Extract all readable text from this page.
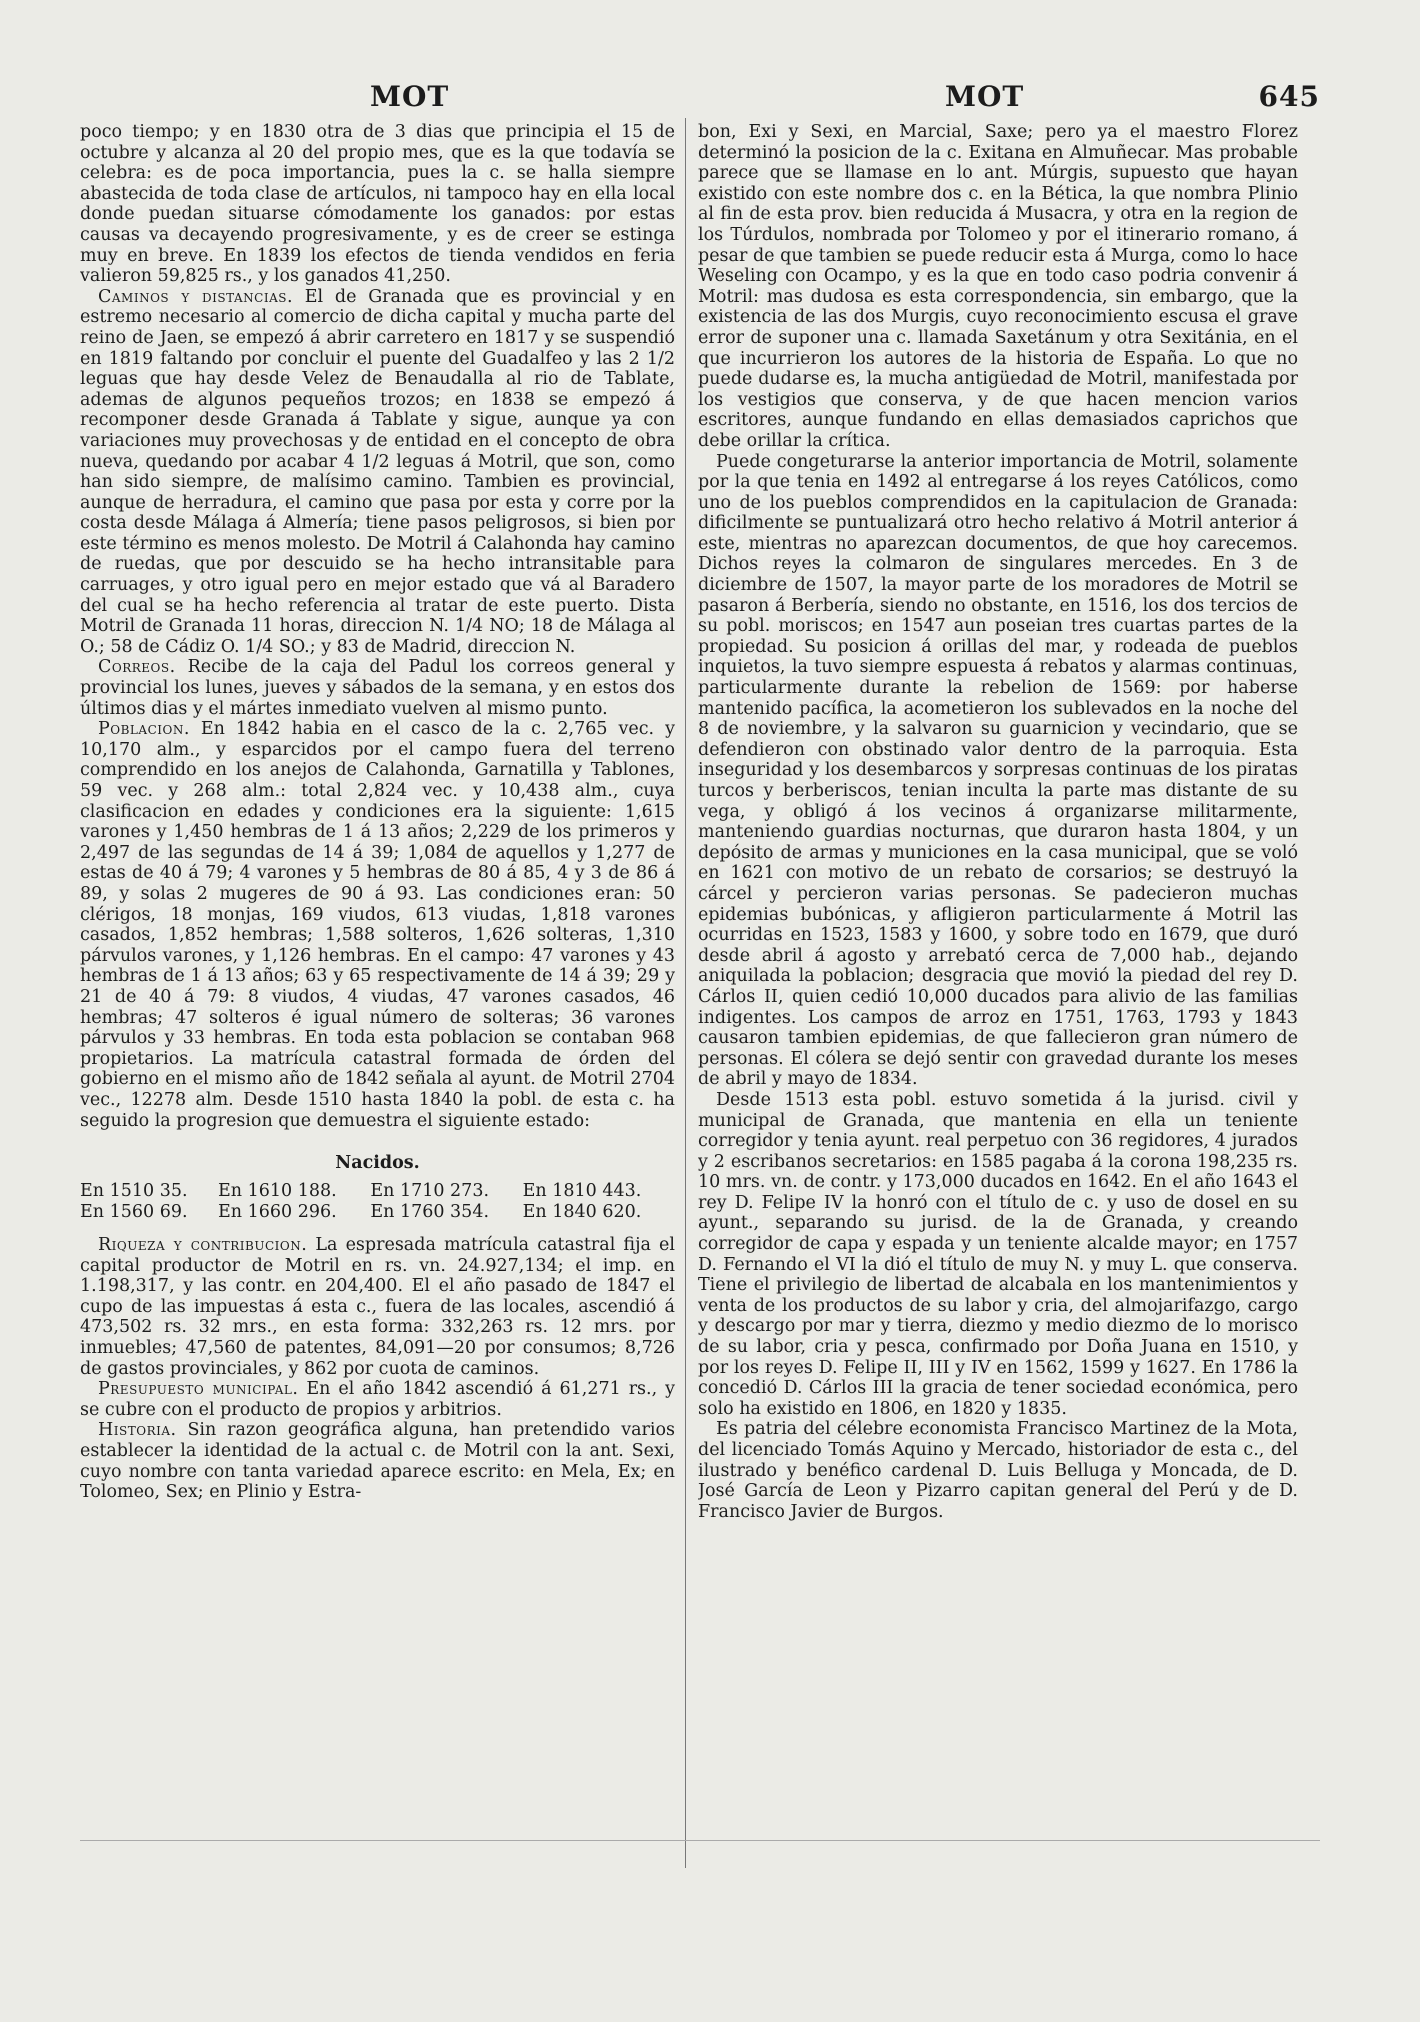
MOT	MOT	645

poco tiempo; y en 1830 otra de 3 dias que principia el 15 de octubre y alcanza al 20 del propio mes, que es la que todavía se celebra: es de poca importancia, pues la c. se halla siempre abastecida de toda clase de artículos, ni tampoco hay en ella local donde puedan situarse cómodamente los ganados: por estas causas va decayendo progresivamente, y es de creer se estinga muy en breve. En 1839 los efectos de tienda vendidos en feria valieron 59,825 rs., y los ganados 41,250.

Caminos y distancias. El de Granada que es provincial y en estremo necesario al comercio de dicha capital y mucha parte del reino de Jaen, se empezó á abrir carretero en 1817 y se suspendió en 1819 faltando por concluir el puente del Guadalfeo y las 2 1/2 leguas que hay desde Velez de Benaudalla al rio de Tablate, ademas de algunos pequeños trozos; en 1838 se empezó á recomponer desde Granada á Tablate y sigue, aunque ya con variaciones muy provechosas y de entidad en el concepto de obra nueva, quedando por acabar 4 1/2 leguas á Motril, que son, como han sido siempre, de malísimo camino. Tambien es provincial, aunque de herradura, el camino que pasa por esta y corre por la costa desde Málaga á Almería; tiene pasos peligrosos, si bien por este término es menos molesto. De Motril á Calahonda hay camino de ruedas, que por descuido se ha hecho intransitable para carruages, y otro igual pero en mejor estado que vá al Baradero del cual se ha hecho referencia al tratar de este puerto. Dista Motril de Granada 11 horas, direccion N. 1/4 NO; 18 de Málaga al O.; 58 de Cádiz O. 1/4 SO.; y 83 de Madrid, direccion N.

Correos. Recibe de la caja del Padul los correos general y provincial los lunes, jueves y sábados de la semana, y en estos dos últimos dias y el mártes inmediato vuelven al mismo punto.

Poblacion. En 1842 habia en el casco de la c. 2,765 vec. y 10,170 alm., y esparcidos por el campo fuera del terreno comprendido en los anejos de Calahonda, Garnatilla y Tablones, 59 vec. y 268 alm.: total 2,824 vec. y 10,438 alm., cuya clasificacion en edades y condiciones era la siguiente: 1,615 varones y 1,450 hembras de 1 á 13 años; 2,229 de los primeros y 2,497 de las segundas de 14 á 39; 1,084 de aquellos y 1,277 de estas de 40 á 79; 4 varones y 5 hembras de 80 á 85, 4 y 3 de 86 á 89, y solas 2 mugeres de 90 á 93. Las condiciones eran: 50 clérigos, 18 monjas, 169 viudos, 613 viudas, 1,818 varones casados, 1,852 hembras; 1,588 solteros, 1,626 solteras, 1,310 párvulos varones, y 1,126 hembras. En el campo: 47 varones y 43 hembras de 1 á 13 años; 63 y 65 respectivamente de 14 á 39; 29 y 21 de 40 á 79: 8 viudos, 4 viudas, 47 varones casados, 46 hembras; 47 solteros é igual número de solteras; 36 varones párvulos y 33 hembras. En toda esta poblacion se contaban 968 propietarios. La matrícula catastral formada de órden del gobierno en el mismo año de 1842 señala al ayunt. de Motril 2704 vec., 12278 alm. Desde 1510 hasta 1840 la pobl. de esta c. ha seguido la progresion que demuestra el siguiente estado:

Nacidos.
En 1510 35.	En 1610 188.	En 1710 273.	En 1810 443.
En 1560 69.	En 1660 296.	En 1760 354.	En 1840 620.

Riqueza y contribucion. La espresada matrícula catastral fija el capital productor de Motril en rs. vn. 24.927,134; el imp. en 1.198,317, y las contr. en 204,400. El el año pasado de 1847 el cupo de las impuestas á esta c., fuera de las locales, ascendió á 473,502 rs. 32 mrs., en esta forma: 332,263 rs. 12 mrs. por inmuebles; 47,560 de patentes, 84,091—20 por consumos; 8,726 de gastos provinciales, y 862 por cuota de caminos.

Presupuesto municipal. En el año 1842 ascendió á 61,271 rs., y se cubre con el producto de propios y arbitrios.

Historia. Sin razon geográfica alguna, han pretendido varios establecer la identidad de la actual c. de Motril con la ant. Sexi, cuyo nombre con tanta variedad aparece escrito: en Mela, Ex; en Tolomeo, Sex; en Plinio y Estra-

bon, Exi y Sexi, en Marcial, Saxe; pero ya el maestro Florez determinó la posicion de la c. Exitana en Almuñecar. Mas probable parece que se llamase en lo ant. Múrgis, supuesto que hayan existido con este nombre dos c. en la Bética, la que nombra Plinio al fin de esta prov. bien reducida á Musacra, y otra en la region de los Túrdulos, nombrada por Tolomeo y por el itinerario romano, á pesar de que tambien se puede reducir esta á Murga, como lo hace Weseling con Ocampo, y es la que en todo caso podria convenir á Motril: mas dudosa es esta correspondencia, sin embargo, que la existencia de las dos Murgis, cuyo reconocimiento escusa el grave error de suponer una c. llamada Saxetánum y otra Sexitánia, en el que incurrieron los autores de la historia de España. Lo que no puede dudarse es, la mucha antigüedad de Motril, manifestada por los vestigios que conserva, y de que hacen mencion varios escritores, aunque fundando en ellas demasiados caprichos que debe orillar la crítica.

Puede congeturarse la anterior importancia de Motril, solamente por la que tenia en 1492 al entregarse á los reyes Católicos, como uno de los pueblos comprendidos en la capitulacion de Granada: dificilmente se puntualizará otro hecho relativo á Motril anterior á este, mientras no aparezcan documentos, de que hoy carecemos. Dichos reyes la colmaron de singulares mercedes. En 3 de diciembre de 1507, la mayor parte de los moradores de Motril se pasaron á Berbería, siendo no obstante, en 1516, los dos tercios de su pobl. moriscos; en 1547 aun poseian tres cuartas partes de la propiedad. Su posicion á orillas del mar, y rodeada de pueblos inquietos, la tuvo siempre espuesta á rebatos y alarmas continuas, particularmente durante la rebelion de 1569: por haberse mantenido pacífica, la acometieron los sublevados en la noche del 8 de noviembre, y la salvaron su guarnicion y vecindario, que se defendieron con obstinado valor dentro de la parroquia. Esta inseguridad y los desembarcos y sorpresas continuas de los piratas turcos y berberiscos, tenian inculta la parte mas distante de su vega, y obligó á los vecinos á organizarse militarmente, manteniendo guardias nocturnas, que duraron hasta 1804, y un depósito de armas y municiones en la casa municipal, que se voló en 1621 con motivo de un rebato de corsarios; se destruyó la cárcel y percieron varias personas. Se padecieron muchas epidemias bubónicas, y afligieron particularmente á Motril las ocurridas en 1523, 1583 y 1600, y sobre todo en 1679, que duró desde abril á agosto y arrebató cerca de 7,000 hab., dejando aniquilada la poblacion; desgracia que movió la piedad del rey D. Cárlos II, quien cedió 10,000 ducados para alivio de las familias indigentes. Los campos de arroz en 1751, 1763, 1793 y 1843 causaron tambien epidemias, de que fallecieron gran número de personas. El cólera se dejó sentir con gravedad durante los meses de abril y mayo de 1834.

Desde 1513 esta pobl. estuvo sometida á la jurisd. civil y municipal de Granada, que mantenia en ella un teniente corregidor y tenia ayunt. real perpetuo con 36 regidores, 4 jurados y 2 escribanos secretarios: en 1585 pagaba á la corona 198,235 rs. 10 mrs. vn. de contr. y 173,000 ducados en 1642. En el año 1643 el rey D. Felipe IV la honró con el título de c. y uso de dosel en su ayunt., separando su jurisd. de la de Granada, y creando corregidor de capa y espada y un teniente alcalde mayor; en 1757 D. Fernando el VI la dió el título de muy N. y muy L. que conserva. Tiene el privilegio de libertad de alcabala en los mantenimientos y venta de los productos de su labor y cria, del almojarifazgo, cargo y descargo por mar y tierra, diezmo y medio diezmo de lo morisco de su labor, cria y pesca, confirmado por Doña Juana en 1510, y por los reyes D. Felipe II, III y IV en 1562, 1599 y 1627. En 1786 la concedió D. Cárlos III la gracia de tener sociedad económica, pero solo ha existido en 1806, en 1820 y 1835.

Es patria del célebre economista Francisco Martinez de la Mota, del licenciado Tomás Aquino y Mercado, historiador de esta c., del ilustrado y benéfico cardenal D. Luis Belluga y Moncada, de D. José García de Leon y Pizarro capitan general del Perú y de D. Francisco Javier de Burgos.
